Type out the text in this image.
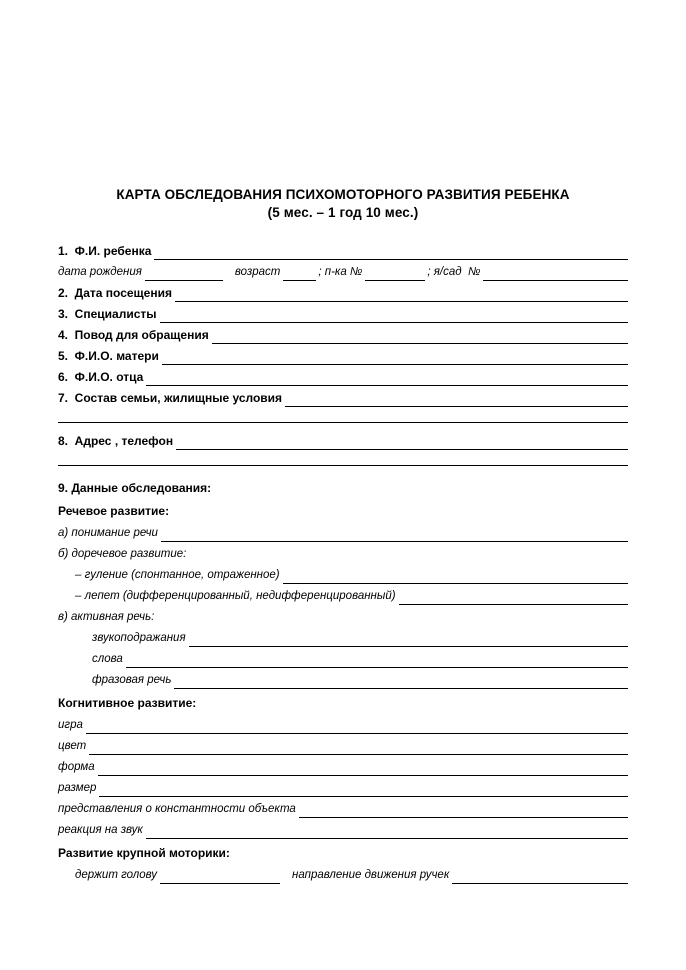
КАРТА ОБСЛЕДОВАНИЯ ПСИХОМОТОРНОГО РАЗВИТИЯ РЕБЕНКА
(5 мес. – 1 год 10 мес.)
1.  Ф.И. ребенка
дата рождения	возраст	; п-ка №	; я/сад  №
2.  Дата посещения
3.  Специалисты
4.  Повод для обращения
5.  Ф.И.О. матери
6.  Ф.И.О. отца
7.  Состав семьи, жилищные условия
8.  Адрес , телефон
9. Данные обследования:
Речевое развитие:
а) понимание речи
б) доречевое развитие:
– гуление (спонтанное, отраженное)
– лепет (дифференцированный, недифференцированный)
в) активная речь:
звукоподражания
слова
фразовая речь
Когнитивное развитие:
игра
цвет
форма
размер
представления о константности объекта
реакция на звук
Развитие крупной моторики:
держит голову	направление движения ручек
